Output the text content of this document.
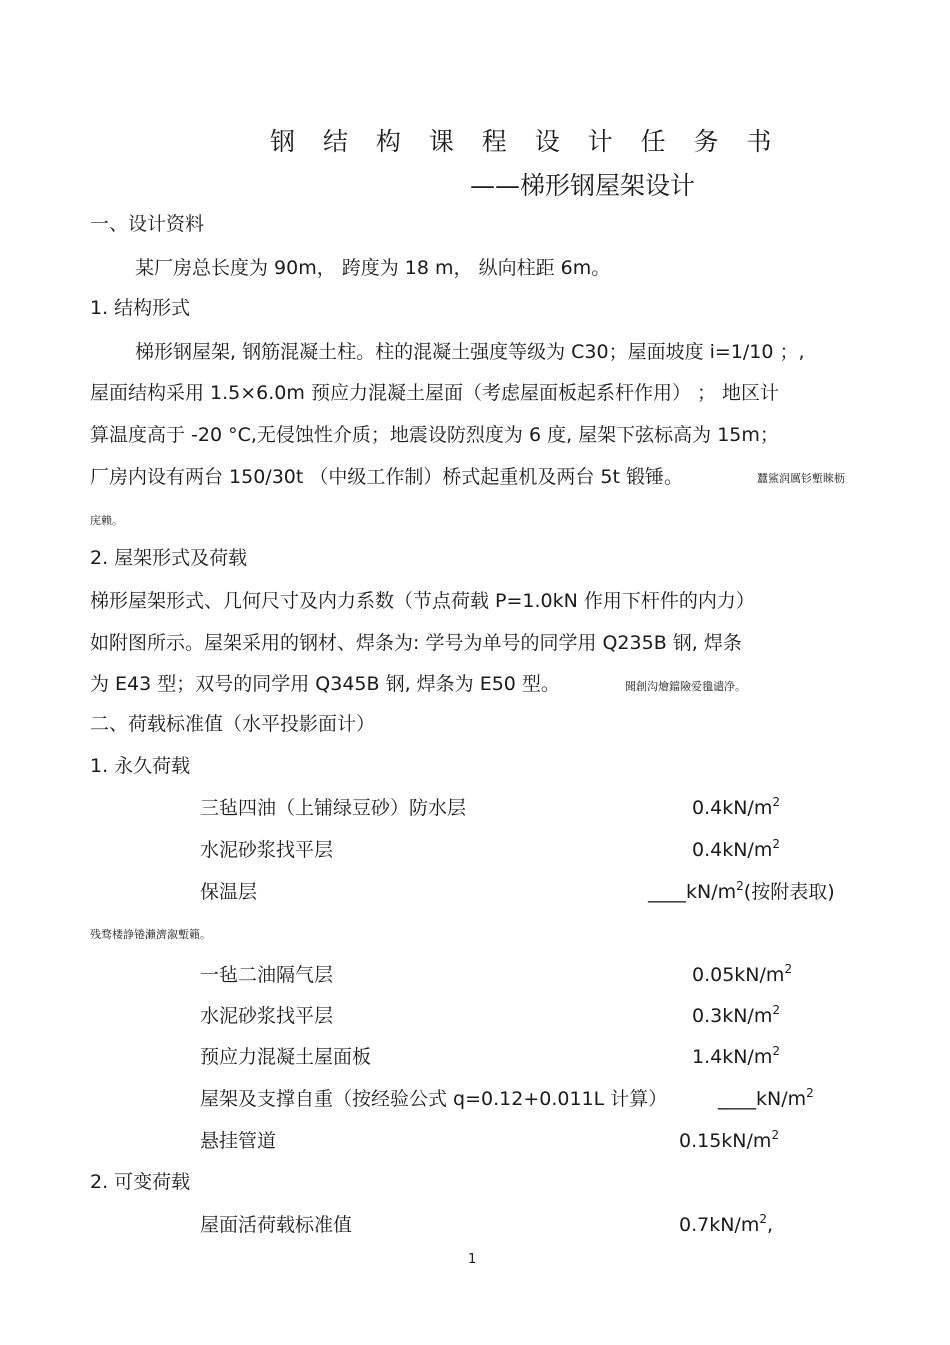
钢 结 构 课 程 设 计 任 务 书
——梯形钢屋架设计
一、设计资料
某厂房总长度为 90m， 跨度为 18 m， 纵向柱距 6m。
1. 结构形式
梯形钢屋架, 钢筋混凝土柱。柱的混凝土强度等级为 C30；屋面坡度 i=1/10 ；,
屋面结构采用 1.5×6.0m 预应力混凝土屋面（考虑屋面板起系杆作用） ； 地区计
算温度高于 -20 °C,无侵蚀性介质；地震设防烈度为 6 度, 屋架下弦标高为 15m；
厂房内设有两台 150/30t （中级工作制）桥式起重机及两台 5t 锻锤。	蠶鯊润厲钐塹睞枥
庑赖。
2. 屋架形式及荷载
梯形屋架形式、几何尺寸及内力系数（节点荷载 P=1.0kN 作用下杆件的内力）
如附图所示。屋架采用的钢材、焊条为: 学号为单号的同学用 Q235B 钢, 焊条
为 E43 型；双号的同学用 Q345B 钢, 焊条为 E50 型。	聞創沟燴鐺險爱氇谴净。
二、荷载标准值（水平投影面计）
1. 永久荷载
三毡四油（上铺绿豆砂）防水层	$0.4kN/m^2$
水泥砂浆找平层	$0.4kN/m^2$
保温层	$\_\_\_\_kN/m^2$(按附表取)
残骛楼諍锩瀨濟溆塹籟。
一毡二油隔气层	$0.05kN/m^2$
水泥砂浆找平层	$0.3kN/m^2$
预应力混凝土屋面板	$1.4kN/m^2$
屋架及支撑自重（按经验公式 q=0.12+0.011L 计算）	$\_\_\_\_kN/m^2$
悬挂管道	$0.15kN/m^2$
2. 可变荷载
屋面活荷载标准值	$0.7kN/m^2$,
1
